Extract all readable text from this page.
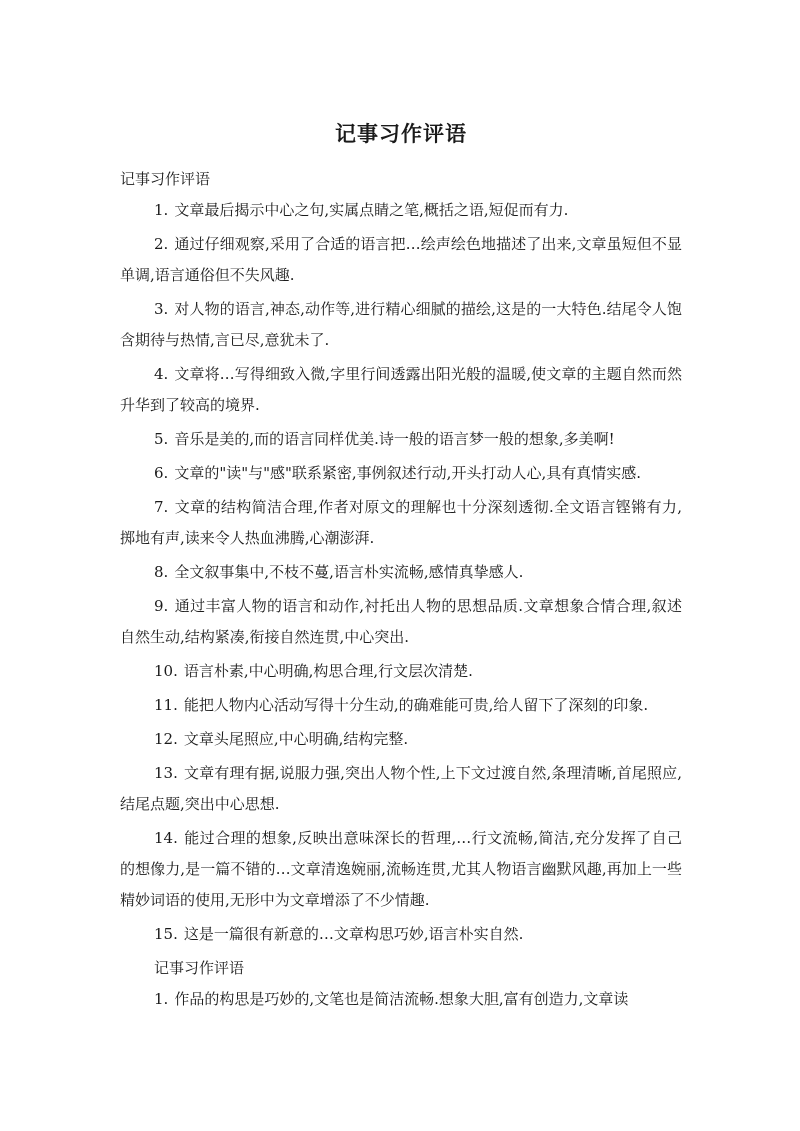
记事习作评语

记事习作评语

1. 文章最后揭示中心之句,实属点睛之笔,概括之语,短促而有力.

2. 通过仔细观察,采用了合适的语言把…绘声绘色地描述了出来,文章虽短但不显单调,语言通俗但不失风趣.

3. 对人物的语言,神态,动作等,进行精心细腻的描绘,这是的一大特色.结尾令人饱含期待与热情,言已尽,意犹未了.

4. 文章将…写得细致入微,字里行间透露出阳光般的温暖,使文章的主题自然而然升华到了较高的境界.

5. 音乐是美的,而的语言同样优美.诗一般的语言梦一般的想象,多美啊!

6. 文章的"读"与"感"联系紧密,事例叙述行动,开头打动人心,具有真情实感.

7. 文章的结构简洁合理,作者对原文的理解也十分深刻透彻.全文语言铿锵有力,掷地有声,读来令人热血沸腾,心潮澎湃.

8. 全文叙事集中,不枝不蔓,语言朴实流畅,感情真挚感人.

9. 通过丰富人物的语言和动作,衬托出人物的思想品质.文章想象合情合理,叙述自然生动,结构紧凑,衔接自然连贯,中心突出.

10. 语言朴素,中心明确,构思合理,行文层次清楚.

11. 能把人物内心活动写得十分生动,的确难能可贵,给人留下了深刻的印象.

12. 文章头尾照应,中心明确,结构完整.

13. 文章有理有据,说服力强,突出人物个性,上下文过渡自然,条理清晰,首尾照应,结尾点题,突出中心思想.

14. 能过合理的想象,反映出意味深长的哲理,…行文流畅,简洁,充分发挥了自己的想像力,是一篇不错的…文章清逸婉丽,流畅连贯,尤其人物语言幽默风趣,再加上一些精妙词语的使用,无形中为文章增添了不少情趣.

15. 这是一篇很有新意的…文章构思巧妙,语言朴实自然.

记事习作评语

1. 作品的构思是巧妙的,文笔也是简洁流畅.想象大胆,富有创造力,文章读
